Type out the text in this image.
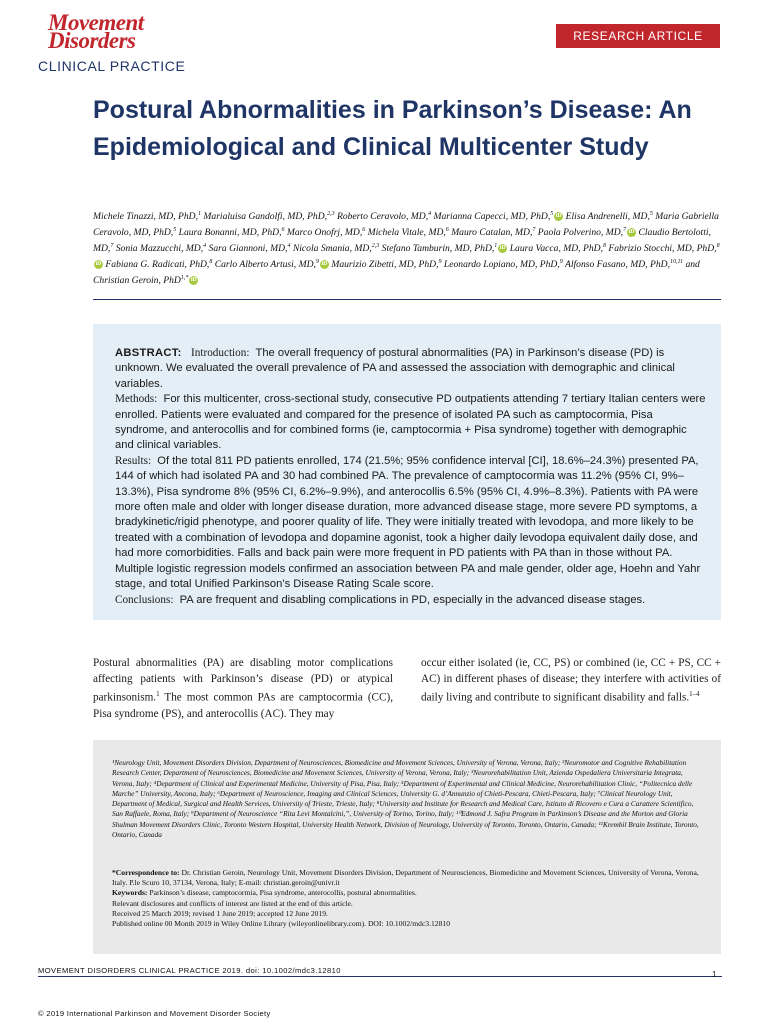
Movement
Disorders
CLINICAL PRACTICE
RESEARCH ARTICLE
Postural Abnormalities in Parkinson’s Disease: An Epidemiological and Clinical Multicenter Study
Michele Tinazzi, MD, PhD,$^1$ Marialuisa Gandolfi, MD, PhD,$^{2,3}$ Roberto Ceravolo, MD,$^4$ Marianna Capecci, MD, PhD,$^5$ iD Elisa Andrenelli, MD,$^5$ Maria Gabriella Ceravolo, MD, PhD,$^5$ Laura Bonanni, MD, PhD,$^6$ Marco Onofrj, MD,$^6$ Michela Vitale, MD,$^6$ Mauro Catalan, MD,$^7$ Paola Polverino, MD,$^7$ iD Claudio Bertolotti, MD,$^7$ Sonia Mazzucchi, MD,$^4$ Sara Giannoni, MD,$^4$ Nicola Smania, MD,$^{2,3}$ Stefano Tamburin, MD, PhD,$^1$ iD Laura Vacca, MD, PhD,$^8$ Fabrizio Stocchi, MD, PhD,$^8$iD Fabiana G. Radicati, PhD,$^8$ Carlo Alberto Artusi, MD,$^9$ iD Maurizio Zibetti, MD, PhD,$^9$ Leonardo Lopiano, MD, PhD,$^9$ Alfonso Fasano, MD, PhD,$^{10,11}$ and Christian Geroin, PhD$^{1,*}$ iD

ABSTRACT: Introduction: The overall frequency of postural abnormalities (PA) in Parkinson’s disease (PD) is unknown. We evaluated the overall prevalence of PA and assessed the association with demographic and clinical variables.

Methods: For this multicenter, cross-sectional study, consecutive PD outpatients attending 7 tertiary Italian centers were enrolled. Patients were evaluated and compared for the presence of isolated PA such as camptocormia, Pisa syndrome, and anterocollis and for combined forms (ie, camptocormia + Pisa syndrome) together with demographic and clinical variables.

Results: Of the total 811 PD patients enrolled, 174 (21.5%; 95% confidence interval [CI], 18.6%–24.3%) presented PA, 144 of which had isolated PA and 30 had combined PA. The prevalence of camptocormia was 11.2% (95% CI, 9%–13.3%), Pisa syndrome 8% (95% CI, 6.2%–9.9%), and anterocollis 6.5% (95% CI, 4.9%–8.3%). Patients with PA were more often male and older with longer disease duration, more advanced disease stage, more severe PD symptoms, a bradykinetic/rigid phenotype, and poorer quality of life. They were initially treated with levodopa, and more likely to be treated with a combination of levodopa and dopamine agonist, took a higher daily levodopa equivalent daily dose, and had more comorbidities. Falls and back pain were more frequent in PD patients with PA than in those without PA. Multiple logistic regression models confirmed an association between PA and male gender, older age, Hoehn and Yahr stage, and total Unified Parkinson’s Disease Rating Scale score.

Conclusions: PA are frequent and disabling complications in PD, especially in the advanced disease stages.

Postural abnormalities (PA) are disabling motor complications affecting patients with Parkinson’s disease (PD) or atypical parkinsonism.$^1$ The most common PAs are camptocormia (CC), Pisa syndrome (PS), and anterocollis (AC). They may
occur either isolated (ie, CC, PS) or combined (ie, CC + PS, CC + AC) in different phases of disease; they interfere with activities of daily living and contribute to significant disability and falls.$^{1-4}$
¹Neurology Unit, Movement Disorders Division, Department of Neurosciences, Biomedicine and Movement Sciences, University of Verona, Verona, Italy; ²Neuromotor and Cognitive Rehabilitation Research Center, Department of Neurosciences, Biomedicine and Movement Sciences, University of Verona, Verona, Italy; ³Neurorehabilitation Unit, Azienda Ospedaliera Universitaria Integrata, Verona, Italy; ⁴Department of Clinical and Experimental Medicine, University of Pisa, Pisa, Italy; ⁵Department of Experimental and Clinical Medicine, Neurorehabilitation Clinic, “Politecnica delle Marche” University, Ancona, Italy; ⁶Department of Neuroscience, Imaging and Clinical Sciences, University G. d’Annunzio of Chieti-Pescara, Chieti-Pescara, Italy; ⁷Clinical Neurology Unit, Department of Medical, Surgical and Health Services, University of Trieste, Trieste, Italy; ⁸University and Institute for Research and Medical Care, Istituto di Ricovero e Cura a Carattere Scientifico, San Raffaele, Roma, Italy; ⁹Department of Neuroscience “Rita Levi Montalcini,”, University of Torino, Torino, Italy; ¹⁰Edmond J. Safra Program in Parkinson’s Disease and the Morton and Gloria Shulman Movement Disorders Clinic, Toronto Western Hospital, University Health Network, Division of Neurology, University of Toronto, Toronto, Ontario, Canada; ¹¹Krembil Brain Institute, Toronto, Ontario, Canada

*Correspondence to: Dr. Christian Geroin, Neurology Unit, Movement Disorders Division, Department of Neurosciences, Biomedicine and Movement Sciences, University of Verona, Verona, Italy. P.le Scuro 10, 37134, Verona, Italy; E-mail: christian.geroin@univr.it

Keywords: Parkinson’s disease, camptocormia, Pisa syndrome, anterocollis, postural abnormalities.

Relevant disclosures and conflicts of interest are listed at the end of this article.

Received 25 March 2019; revised 1 June 2019; accepted 12 June 2019.

Published online 00 Month 2019 in Wiley Online Library (wileyonlinelibrary.com). DOI: 10.1002/mdc3.12810

MOVEMENT DISORDERS CLINICAL PRACTICE 2019. doi: 10.1002/mdc3.12810	1
© 2019 International Parkinson and Movement Disorder Society
